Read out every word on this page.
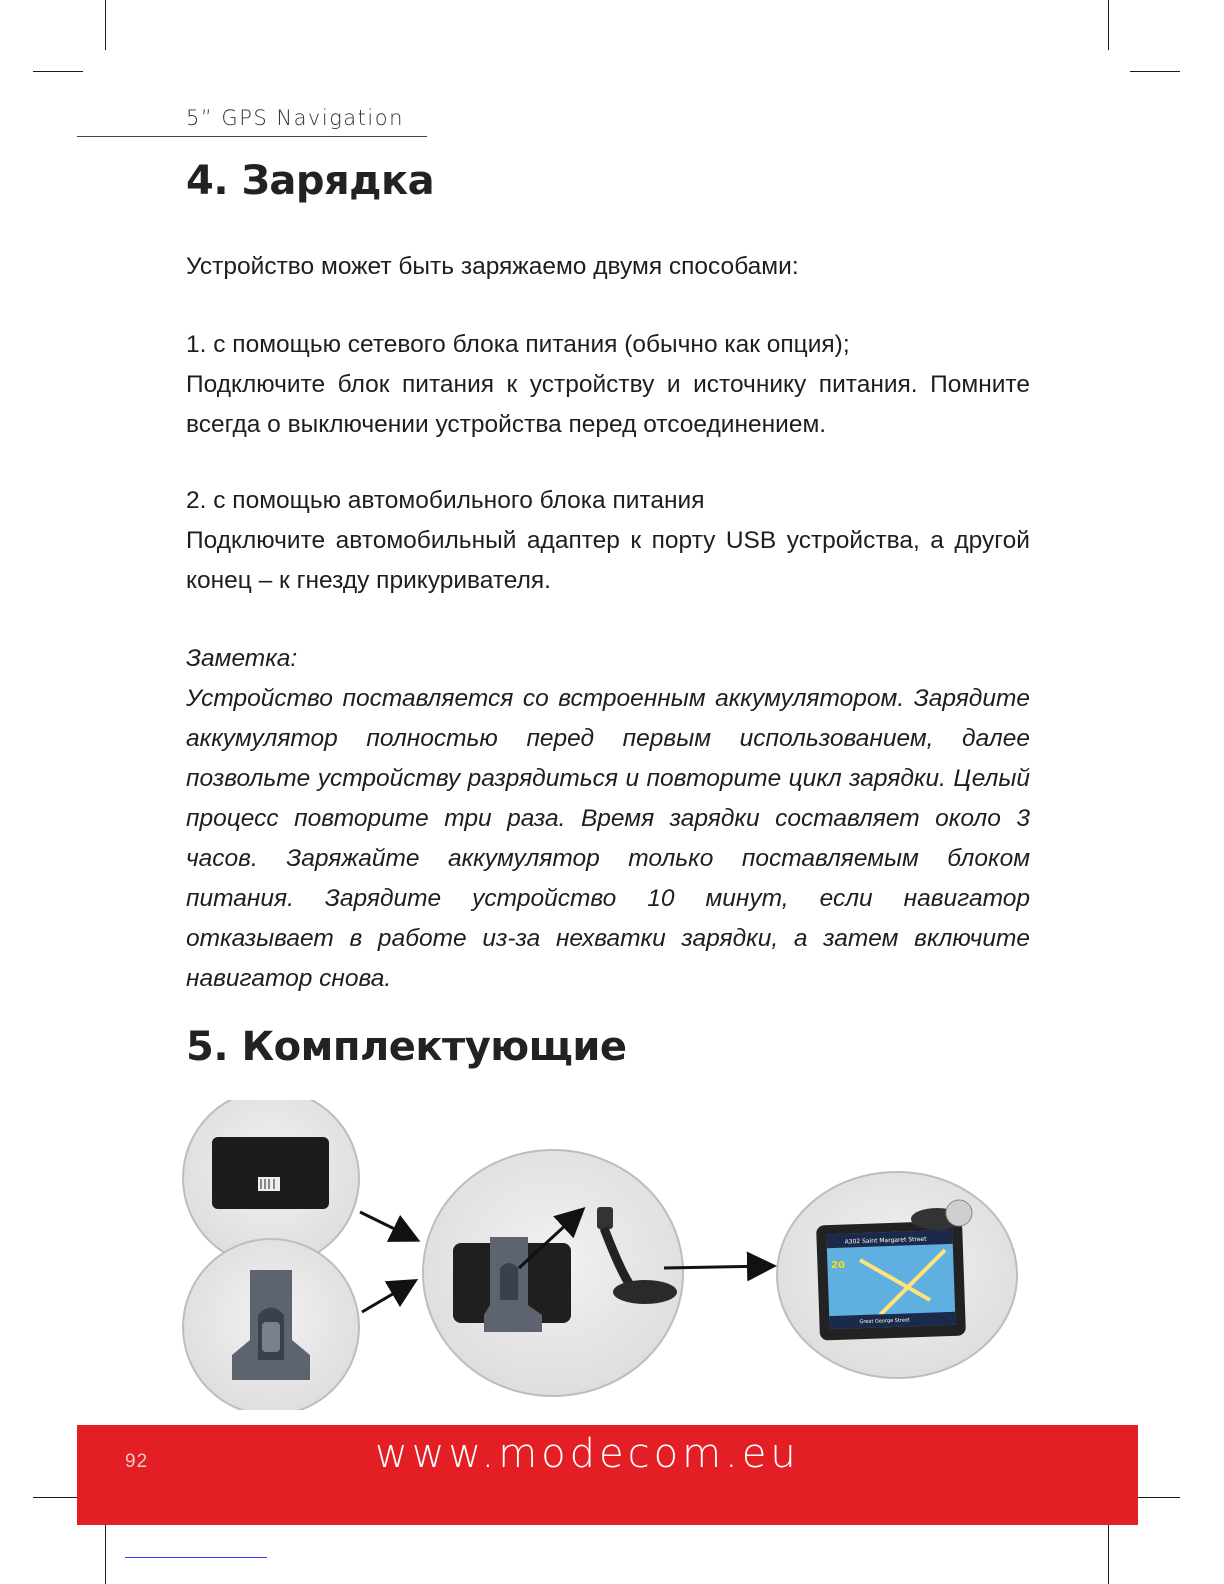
5” GPS Navigation
4. Зарядка

Устройство может быть заряжаемо двумя способами:

1. с помощью сетевого блока питания (обычно как опция);

Подключите блок питания к устройству и источнику питания. Помните всегда о выключении устройства перед отсоединением.

2. с помощью автомобильного блока питания

Подключите автомобильный адаптер к порту USB устройства, а другой конец – к гнезду прикуривателя.

Заметка:

Устройство поставляется со встроенным аккумулятором. Зарядите аккумулятор полностью перед первым использованием, далее позвольте устройству разрядиться и повторите цикл зарядки. Целый процесс повторите три раза. Время зарядки составляет около 3 часов. Заряжайте аккумулятор только поставляемым блоком питания. Зарядите устройство 10 минут, если навигатор отказывает в работе из-за нехватки зарядки, а затем включите навигатор снова.

5. Комплектующие
A302 Saint Margaret Street
20
Great George Street
92	www.modecom.eu
